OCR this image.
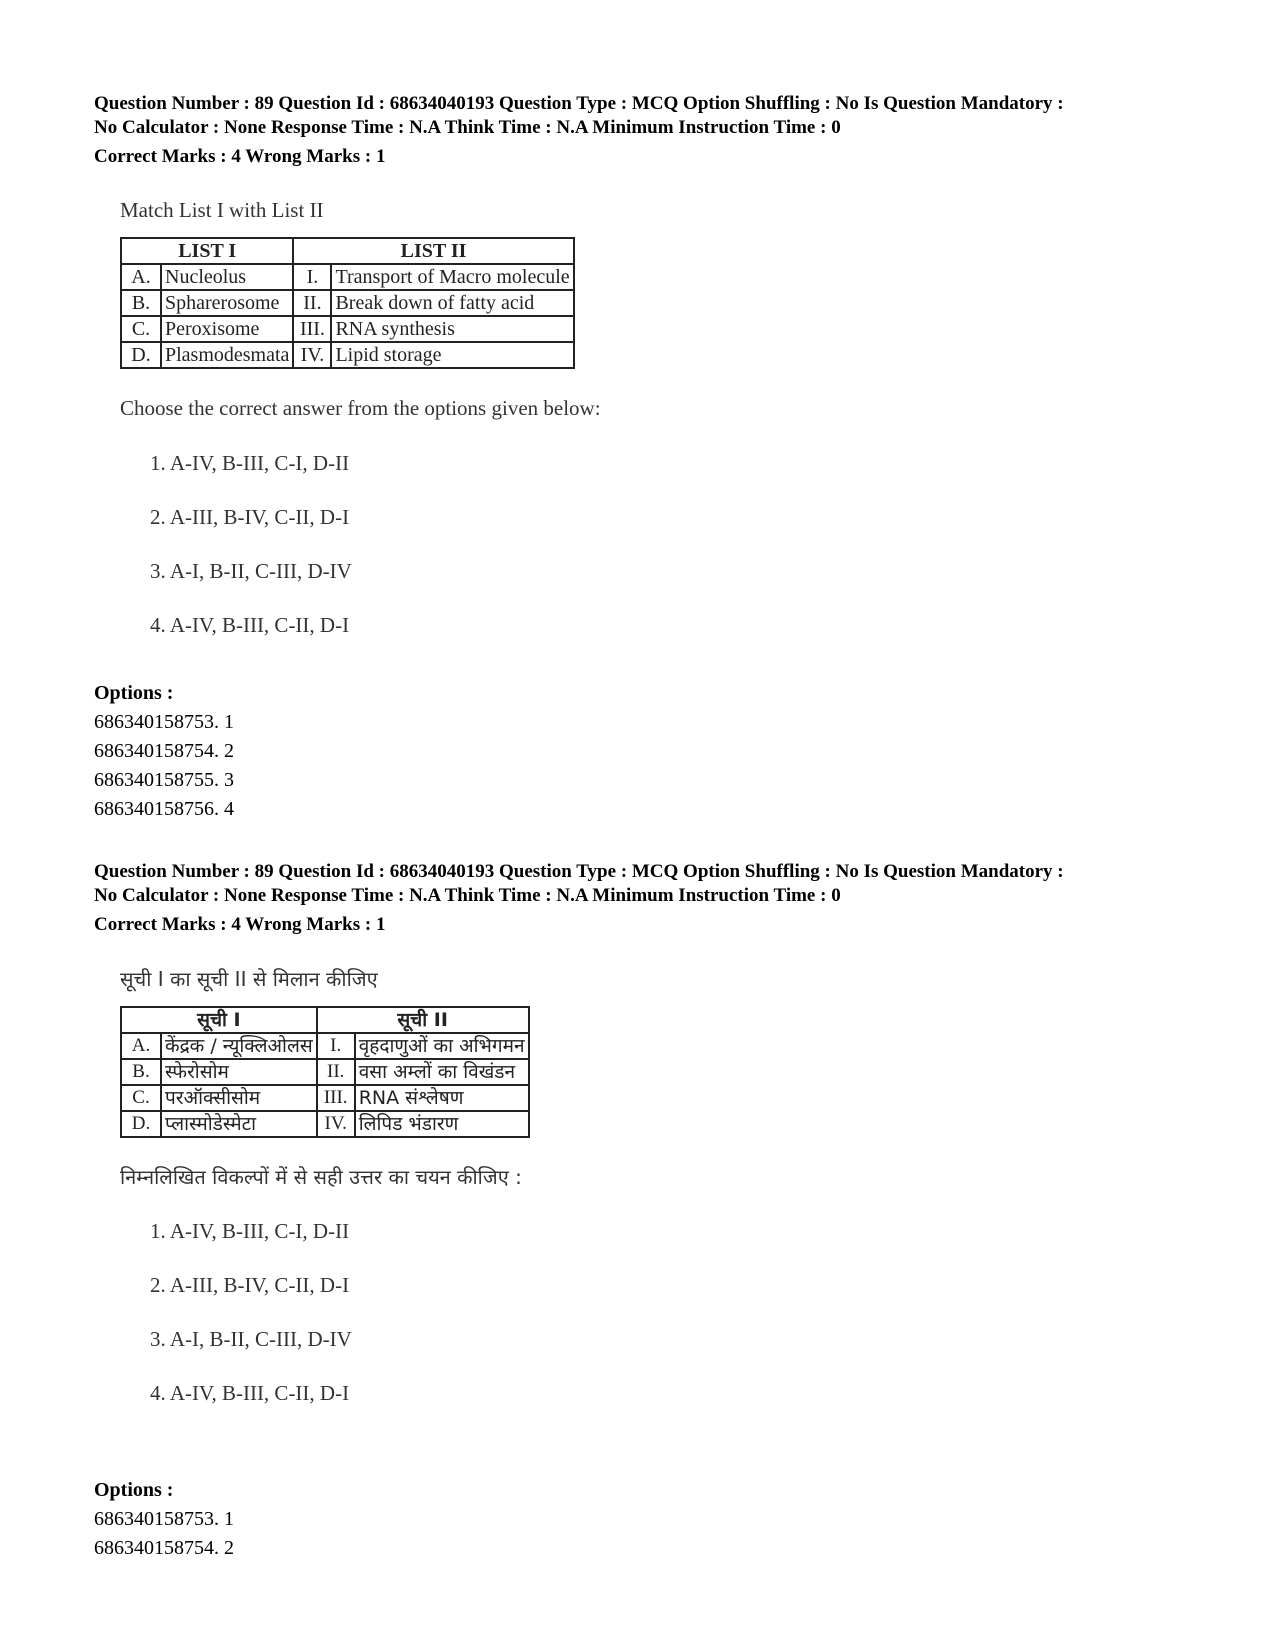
Question Number : 89 Question Id : 68634040193 Question Type : MCQ Option Shuffling : No Is Question Mandatory :

No Calculator : None Response Time : N.A Think Time : N.A Minimum Instruction Time : 0

Correct Marks : 4 Wrong Marks : 1

Match List I with List II

LIST I		LIST II	
A.	Nucleolus	I.	Transport of Macro molecule
B.	Spharerosome	II.	Break down of fatty acid
C.	Peroxisome	III.	RNA synthesis
D.	Plasmodesmata	IV.	Lipid storage

Choose the correct answer from the options given below:

1. A-IV, B-III, C-I, D-II
2. A-III, B-IV, C-II, D-I
3. A-I, B-II, C-III, D-IV
4. A-IV, B-III, C-II, D-I

Options :

686340158753. 1

686340158754. 2

686340158755. 3

686340158756. 4

Question Number : 89 Question Id : 68634040193 Question Type : MCQ Option Shuffling : No Is Question Mandatory :

No Calculator : None Response Time : N.A Think Time : N.A Minimum Instruction Time : 0

Correct Marks : 4 Wrong Marks : 1

सूची I का सूची II से मिलान कीजिए

सूची I		सूची II	
A.	केंद्रक / न्यूक्लिओलस	I.	वृहदाणुओं का अभिगमन
B.	स्फेरोसोम	II.	वसा अम्लों का विखंडन
C.	परऑक्सीसोम	III.	RNA संश्लेषण
D.	प्लास्मोडेस्मेटा	IV.	लिपिड भंडारण

निम्नलिखित विकल्पों में से सही उत्तर का चयन कीजिए :

1. A-IV, B-III, C-I, D-II
2. A-III, B-IV, C-II, D-I
3. A-I, B-II, C-III, D-IV
4. A-IV, B-III, C-II, D-I

Options :

686340158753. 1

686340158754. 2
